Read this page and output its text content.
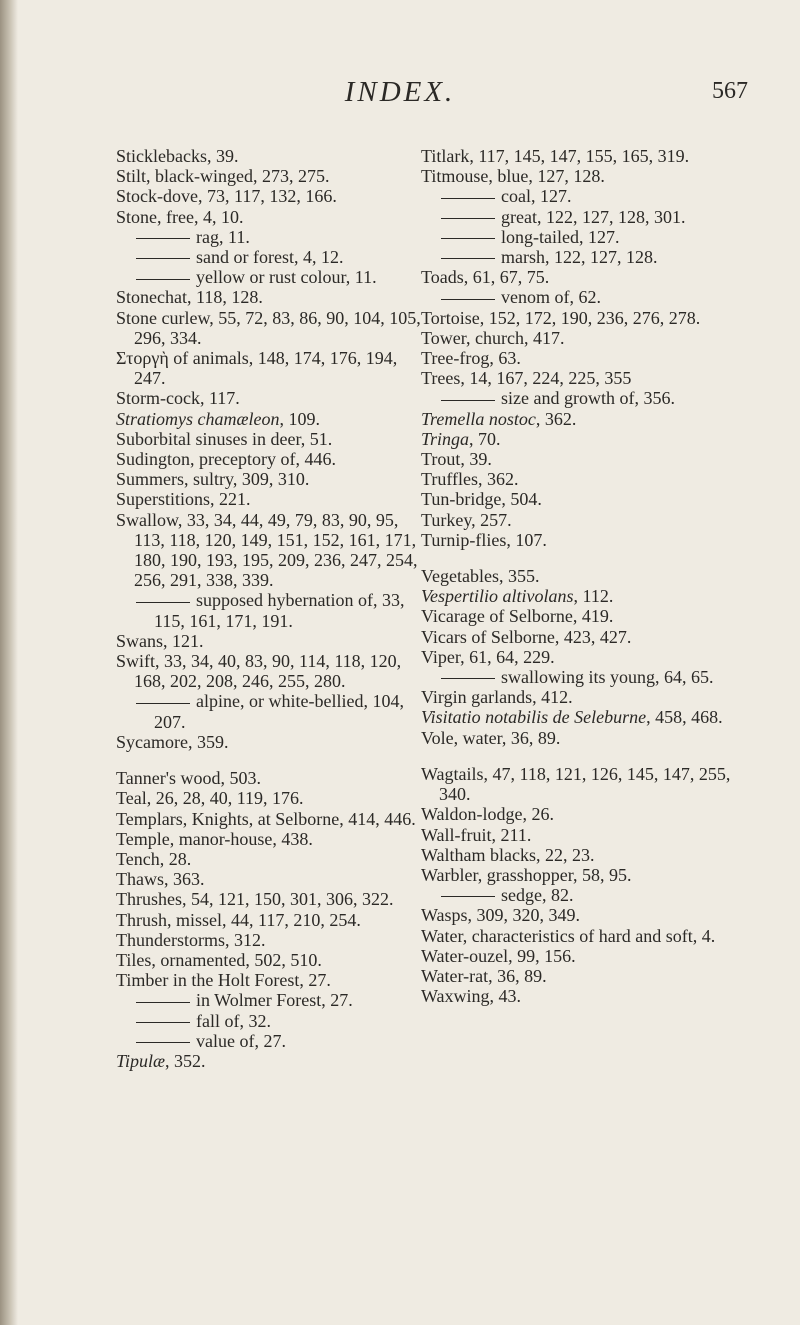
INDEX.	567

Sticklebacks, 39.

Stilt, black-winged, 273, 275.

Stock-dove, 73, 117, 132, 166.

Stone, free, 4, 10.

rag, 11.

sand or forest, 4, 12.

yellow or rust colour, 11.

Stonechat, 118, 128.

Stone curlew, 55, 72, 83, 86, 90, 104, 105, 296, 334.

Στοργὴ of animals, 148, 174, 176, 194, 247.

Storm-cock, 117.

Stratiomys chamæleon, 109.

Suborbital sinuses in deer, 51.

Sudington, preceptory of, 446.

Summers, sultry, 309, 310.

Superstitions, 221.

Swallow, 33, 34, 44, 49, 79, 83, 90, 95, 113, 118, 120, 149, 151, 152, 161, 171, 180, 190, 193, 195, 209, 236, 247, 254, 256, 291, 338, 339.

supposed hybernation of, 33, 115, 161, 171, 191.

Swans, 121.

Swift, 33, 34, 40, 83, 90, 114, 118, 120, 168, 202, 208, 246, 255, 280.

alpine, or white-bellied, 104, 207.

Sycamore, 359.

Tanner's wood, 503.

Teal, 26, 28, 40, 119, 176.

Templars, Knights, at Selborne, 414, 446.

Temple, manor-house, 438.

Tench, 28.

Thaws, 363.

Thrushes, 54, 121, 150, 301, 306, 322.

Thrush, missel, 44, 117, 210, 254.

Thunderstorms, 312.

Tiles, ornamented, 502, 510.

Timber in the Holt Forest, 27.

in Wolmer Forest, 27.

fall of, 32.

value of, 27.

Tipulæ, 352.

Titlark, 117, 145, 147, 155, 165, 319.

Titmouse, blue, 127, 128.

coal, 127.

great, 122, 127, 128, 301.

long-tailed, 127.

marsh, 122, 127, 128.

Toads, 61, 67, 75.

venom of, 62.

Tortoise, 152, 172, 190, 236, 276, 278.

Tower, church, 417.

Tree-frog, 63.

Trees, 14, 167, 224, 225, 355

size and growth of, 356.

Tremella nostoc, 362.

Tringa, 70.

Trout, 39.

Truffles, 362.

Tun-bridge, 504.

Turkey, 257.

Turnip-flies, 107.

Vegetables, 355.

Vespertilio altivolans, 112.

Vicarage of Selborne, 419.

Vicars of Selborne, 423, 427.

Viper, 61, 64, 229.

swallowing its young, 64, 65.

Virgin garlands, 412.

Visitatio notabilis de Seleburne, 458, 468.

Vole, water, 36, 89.

Wagtails, 47, 118, 121, 126, 145, 147, 255, 340.

Waldon-lodge, 26.

Wall-fruit, 211.

Waltham blacks, 22, 23.

Warbler, grasshopper, 58, 95.

sedge, 82.

Wasps, 309, 320, 349.

Water, characteristics of hard and soft, 4.

Water-ouzel, 99, 156.

Water-rat, 36, 89.

Waxwing, 43.
